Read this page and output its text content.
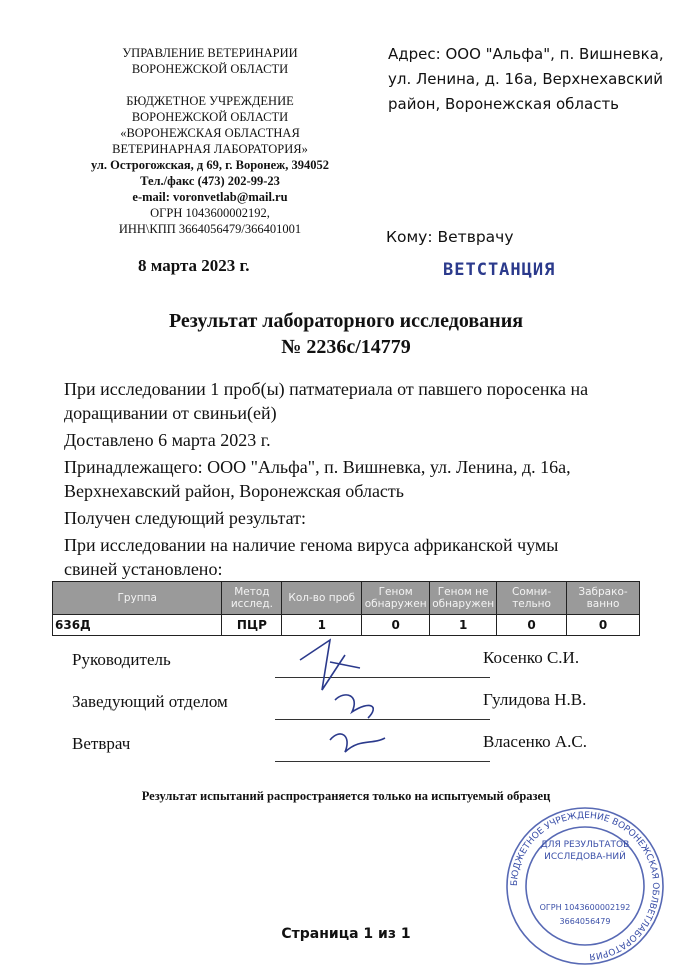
УПРАВЛЕНИЕ ВЕТЕРИНАРИИ
ВОРОНЕЖСКОЙ ОБЛАСТИ
БЮДЖЕТНОЕ УЧРЕЖДЕНИЕ
ВОРОНЕЖСКОЙ ОБЛАСТИ
«ВОРОНЕЖСКАЯ ОБЛАСТНАЯ
ВЕТЕРИНАРНАЯ ЛАБОРАТОРИЯ»
ул. Острогожская, д 69, г. Воронеж, 394052
Тел./факс (473) 202-99-23
e-mail: voronvetlab@mail.ru
ОГРН 1043600002192,
ИНН\КПП 3664056479/366401001
Адрес: ООО "Альфа", п. Вишневка, ул. Ленина, д. 16а, Верхнехавский район, Воронежская область
Кому: Ветврачу
8 марта 2023 г.	ВЕТСТАНЦИЯ
Результат лабораторного исследования
№ 2236с/14779
При исследовании 1 проб(ы) патматериала от павшего поросенка на доращивании от свиньи(ей)
Доставлено 6 марта 2023 г.
Принадлежащего: ООО "Альфа", п. Вишневка, ул. Ленина, д. 16а, Верхнехавский район, Воронежская область
Получен следующий результат:
При исследовании на наличие генома вируса африканской чумы свиней установлено:
Группа	Метод исслед.	Кол-во проб	Геном обнаружен	Геном не обнаружен	Сомни-тельно	Забрако-ванно
636Д	ПЦР	1	0	1	0	0
Руководитель	Косенко С.И.
Заведующий отделом	Гулидова Н.В.
Ветврач	Власенко А.С.
Результат испытаний распространяется только на испытуемый образец
БЮДЖЕТНОЕ УЧРЕЖДЕНИЕ ВОРОНЕЖСКАЯ ОБЛВЕТЛАБОРАТОРИЯ
ДЛЯ РЕЗУЛЬТАТОВ ИССЛЕДОВА-НИЙ
ОГРН 1043600002192
3664056479
Страница 1 из 1
